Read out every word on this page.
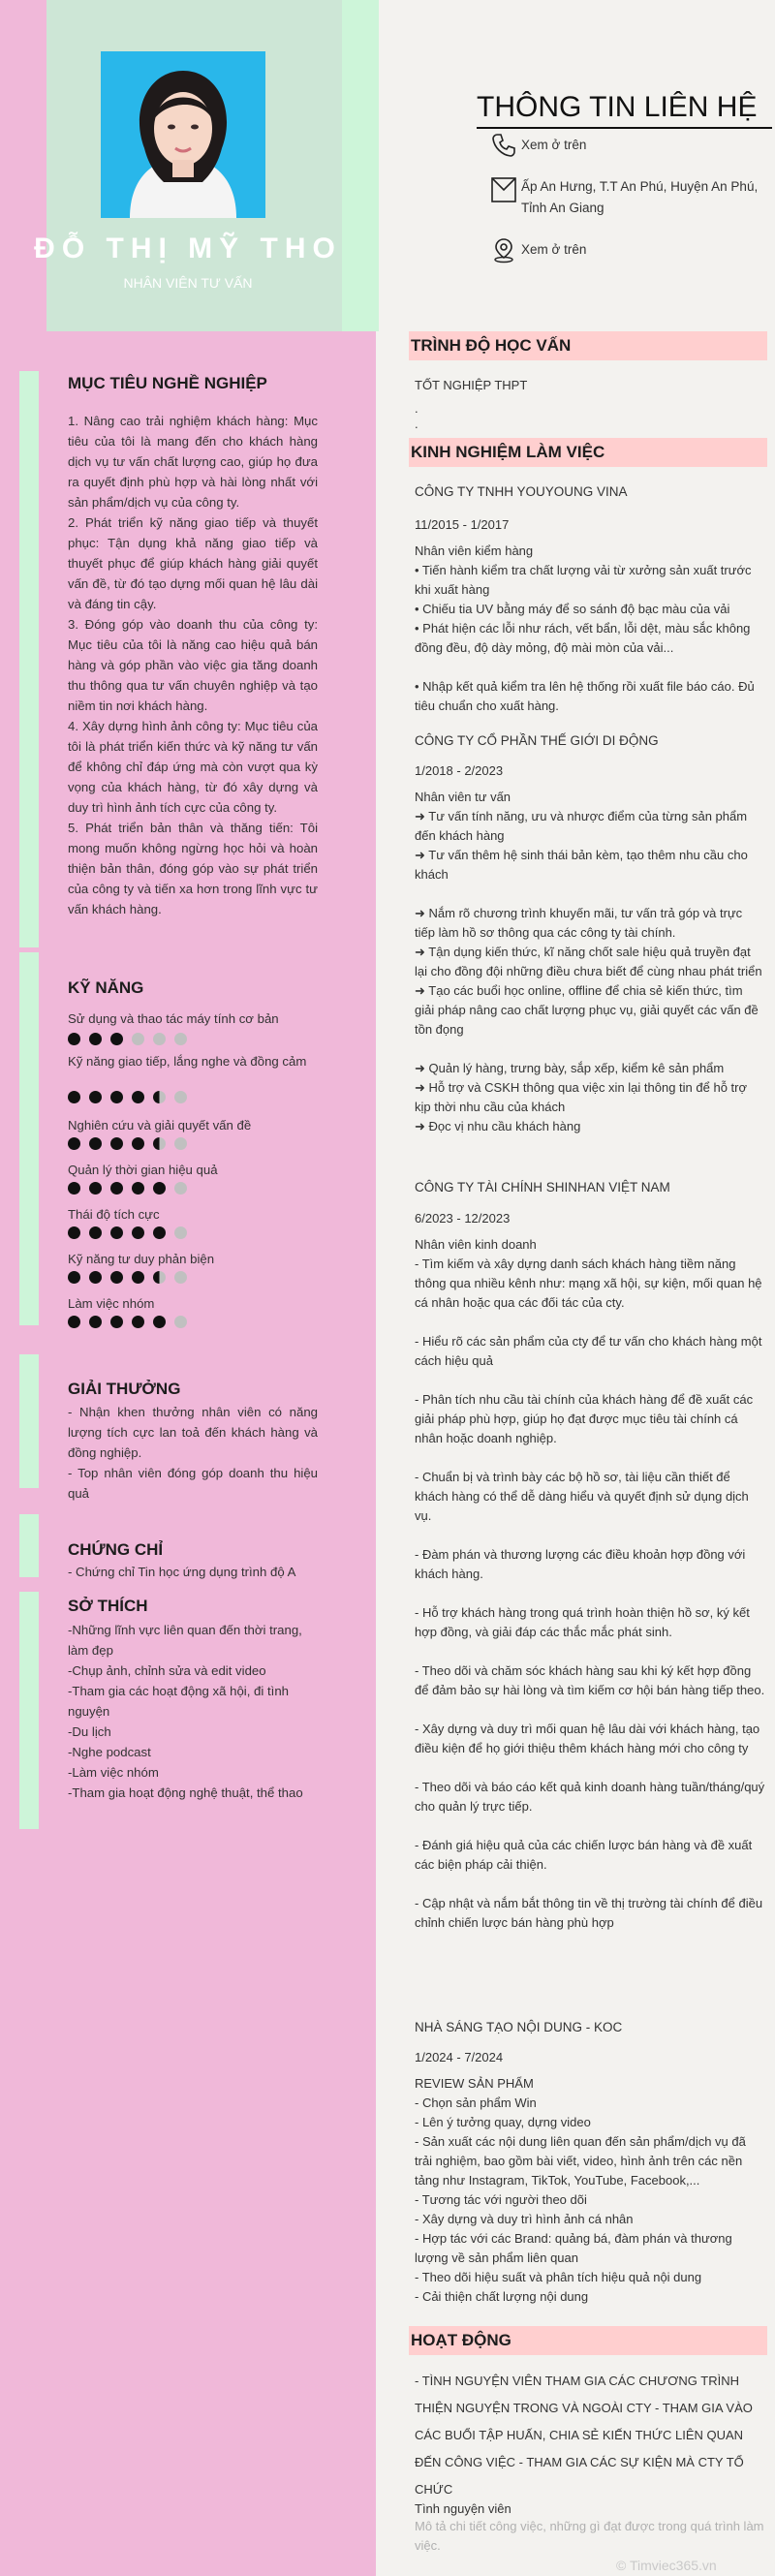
ĐỖ THỊ MỸ THO
NHÂN VIÊN TƯ VẤN
MỤC TIÊU NGHỀ NGHIỆP
1. Nâng cao trải nghiệm khách hàng: Mục tiêu của tôi là mang đến cho khách hàng dịch vụ tư vấn chất lượng cao, giúp họ đưa ra quyết định phù hợp và hài lòng nhất với sản phẩm/dịch vụ của công ty.
2. Phát triển kỹ năng giao tiếp và thuyết phục: Tận dụng khả năng giao tiếp và thuyết phục để giúp khách hàng giải quyết vấn đề, từ đó tạo dựng mối quan hệ lâu dài và đáng tin cậy.
3. Đóng góp vào doanh thu của công ty: Mục tiêu của tôi là năng cao hiệu quả bán hàng và góp phần vào việc gia tăng doanh thu thông qua tư vấn chuyên nghiệp và tạo niềm tin nơi khách hàng.
4. Xây dựng hình ảnh công ty: Mục tiêu của tôi là phát triển kiến thức và kỹ năng tư vấn để không chỉ đáp ứng mà còn vượt qua kỳ vọng của khách hàng, từ đó xây dựng và duy trì hình ảnh tích cực của công ty.
5. Phát triển bản thân và thăng tiến: Tôi mong muốn không ngừng học hỏi và hoàn thiện bản thân, đóng góp vào sự phát triển của công ty và tiến xa hơn trong lĩnh vực tư vấn khách hàng.
KỸ NĂNG
Sử dụng và thao tác máy tính cơ bản
Kỹ năng giao tiếp, lắng nghe và đồng cảm
Nghiên cứu và giải quyết vấn đề
Quản lý thời gian hiệu quả
Thái độ tích cực
Kỹ năng tư duy phản biện
Làm việc nhóm
GIẢI THƯỞNG
- Nhận khen thưởng nhân viên có năng lượng tích cực lan toả đến khách hàng và đồng nghiệp.
- Top nhân viên đóng góp doanh thu hiệu quả
CHỨNG CHỈ
- Chứng chỉ Tin học ứng dụng trình độ A
SỞ THÍCH
-Những lĩnh vực liên quan đến thời trang, làm đẹp
-Chụp ảnh, chỉnh sửa và edit video
-Tham gia các hoạt động xã hội, đi tình nguyện
-Du lịch
-Nghe podcast
-Làm việc nhóm
-Tham gia hoạt động nghệ thuật, thể thao
THÔNG TIN LIÊN HỆ
Xem ở trên
Ấp An Hưng, T.T An Phú, Huyện An Phú, Tỉnh An Giang
Xem ở trên
TRÌNH ĐỘ HỌC VẤN
TỐT NGHIỆP THPT
.
.
KINH NGHIỆM LÀM VIỆC
CÔNG TY TNHH YOUYOUNG VINA

11/2015 - 1/2017

Nhân viên kiểm hàng

• Tiến hành kiểm tra chất lượng vải từ xưởng sản xuất trước khi xuất hàng

• Chiếu tia UV bằng máy để so sánh độ bạc màu của vải

• Phát hiện các lỗi như rách, vết bẩn, lỗi dệt, màu sắc không đồng đều, độ dày mỏng, độ mài mòn của vải...

• Nhập kết quả kiểm tra lên hệ thống rồi xuất file báo cáo. Đủ tiêu chuẩn cho xuất hàng.

CÔNG TY CỔ PHẦN THẾ GIỚI DI ĐỘNG

1/2018 - 2/2023

Nhân viên tư vấn

➜ Tư vấn tính năng, ưu và nhược điểm của từng sản phẩm đến khách hàng

➜ Tư vấn thêm hệ sinh thái bản kèm, tạo thêm nhu cầu cho khách

➜ Nắm rõ chương trình khuyến mãi, tư vấn trả góp và trực tiếp làm hồ sơ thông qua các công ty tài chính.

➜ Tận dụng kiến thức, kĩ năng chốt sale hiệu quả truyền đạt lại cho đồng đội những điều chưa biết để cùng nhau phát triển

➜ Tạo các buổi học online, offline để chia sẻ kiến thức, tìm giải pháp nâng cao chất lượng phục vụ, giải quyết các vấn đề tồn đọng

➜ Quản lý hàng, trưng bày, sắp xếp, kiểm kê sản phẩm

➜ Hỗ trợ và CSKH thông qua việc xin lại thông tin để hỗ trợ kịp thời nhu cầu của khách

➜ Đọc vị nhu cầu khách hàng

CÔNG TY TÀI CHÍNH SHINHAN VIỆT NAM

6/2023 - 12/2023

Nhân viên kinh doanh

- Tìm kiếm và xây dựng danh sách khách hàng tiềm năng thông qua nhiều kênh như: mạng xã hội, sự kiện, mối quan hệ cá nhân hoặc qua các đối tác của cty.

- Hiểu rõ các sản phẩm của cty để tư vấn cho khách hàng một cách hiệu quả

- Phân tích nhu cầu tài chính của khách hàng để đề xuất các giải pháp phù hợp, giúp họ đạt được mục tiêu tài chính cá nhân hoặc doanh nghiệp.

- Chuẩn bị và trình bày các bộ hồ sơ, tài liệu cần thiết để khách hàng có thể dễ dàng hiểu và quyết định sử dụng dịch vụ.

- Đàm phán và thương lượng các điều khoản hợp đồng với khách hàng.

- Hỗ trợ khách hàng trong quá trình hoàn thiện hồ sơ, ký kết hợp đồng, và giải đáp các thắc mắc phát sinh.

- Theo dõi và chăm sóc khách hàng sau khi ký kết hợp đồng để đảm bảo sự hài lòng và tìm kiếm cơ hội bán hàng tiếp theo.

- Xây dựng và duy trì mối quan hệ lâu dài với khách hàng, tạo điều kiện để họ giới thiệu thêm khách hàng mới cho công ty

- Theo dõi và báo cáo kết quả kinh doanh hàng tuần/tháng/quý cho quản lý trực tiếp.

- Đánh giá hiệu quả của các chiến lược bán hàng và đề xuất các biện pháp cải thiện.

- Cập nhật và nắm bắt thông tin về thị trường tài chính để điều chỉnh chiến lược bán hàng phù hợp

NHÀ SÁNG TẠO NỘI DUNG - KOC

1/2024 - 7/2024

REVIEW SẢN PHẨM

- Chọn sản phẩm Win

- Lên ý tưởng quay, dựng video

- Sản xuất các nội dung liên quan đến sản phẩm/dịch vụ đã trải nghiệm, bao gồm bài viết, video, hình ảnh trên các nền tảng như Instagram, TikTok, YouTube, Facebook,...

- Tương tác với người theo dõi

- Xây dựng và duy trì hình ảnh cá nhân

- Hợp tác với các Brand: quảng bá, đàm phán và thương lượng về sản phẩm liên quan

- Theo dõi hiệu suất và phân tích hiệu quả nội dung

- Cải thiện chất lượng nội dung

HOẠT ĐỘNG
- TÌNH NGUYỆN VIÊN THAM GIA CÁC CHƯƠNG TRÌNH THIỆN NGUYỆN TRONG VÀ NGOÀI CTY - THAM GIA VÀO CÁC BUỔI TẬP HUẤN, CHIA SẺ KIẾN THỨC LIÊN QUAN ĐẾN CÔNG VIỆC - THAM GIA CÁC SỰ KIỆN MÀ CTY TỔ CHỨC
Tình nguyện viên
Mô tả chi tiết công việc, những gì đạt được trong quá trình làm việc.
© Timviec365.vn
